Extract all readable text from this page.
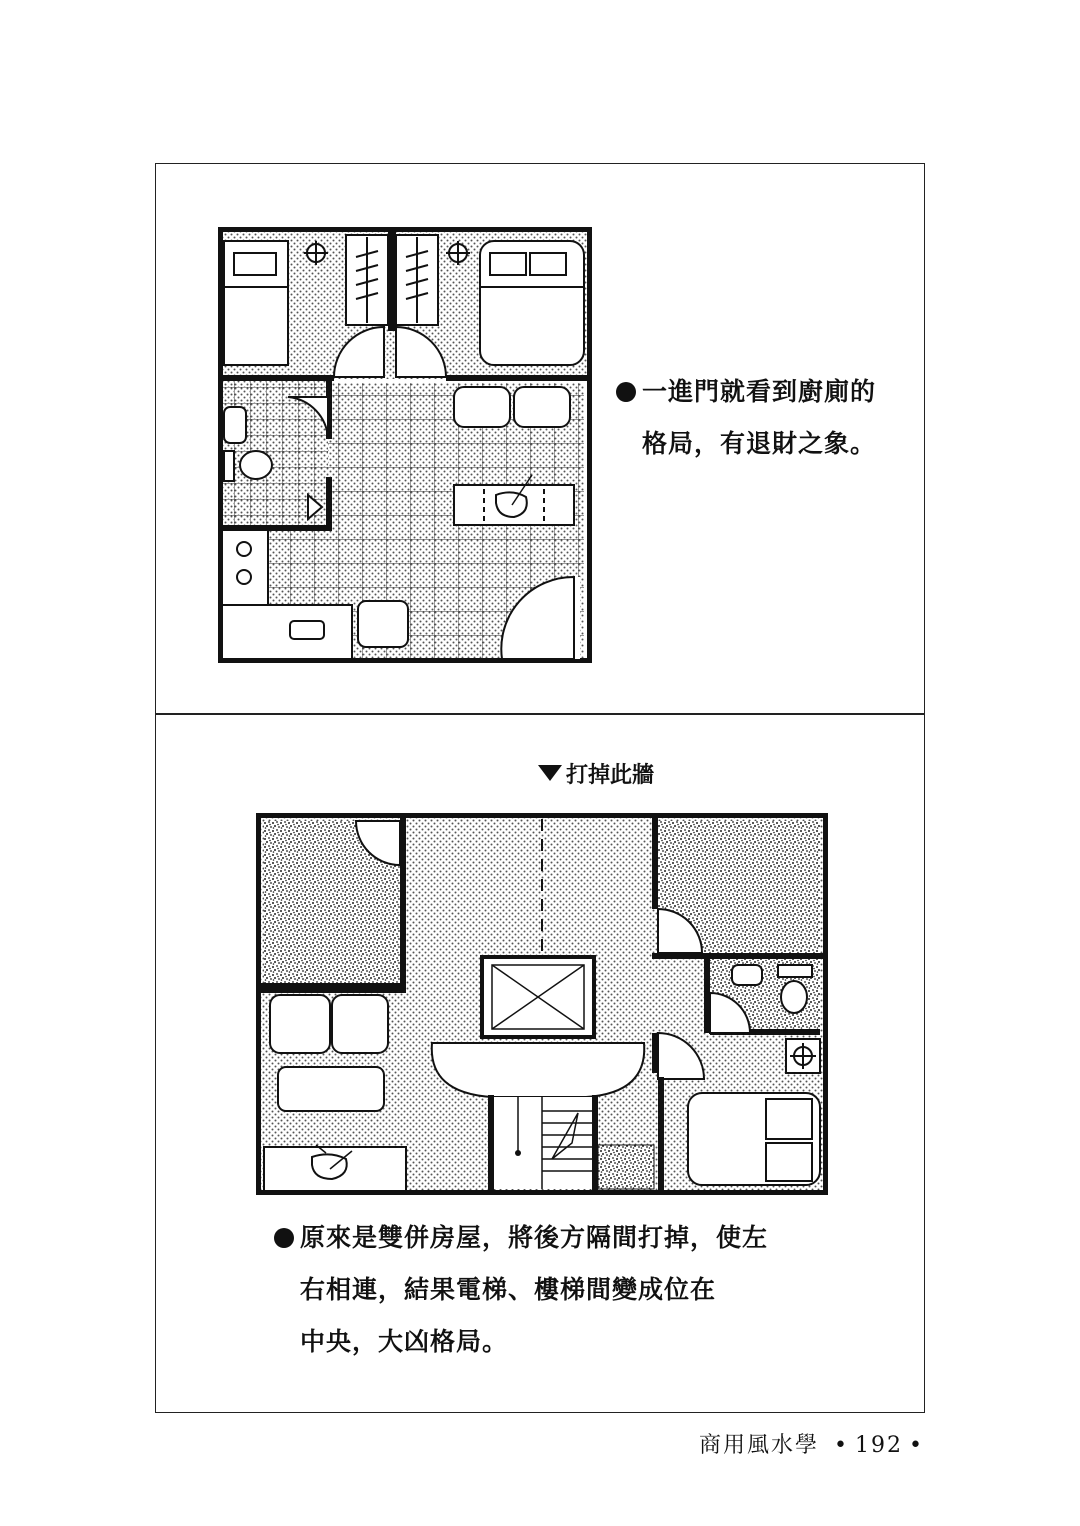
一進門就看到廚廁的
格局，有退財之象。
打掉此牆
原來是雙併房屋，將後方隔間打掉，使左
右相連，結果電梯、樓梯間變成位在
中央，大凶格局。
商用風水學 • 192 •
